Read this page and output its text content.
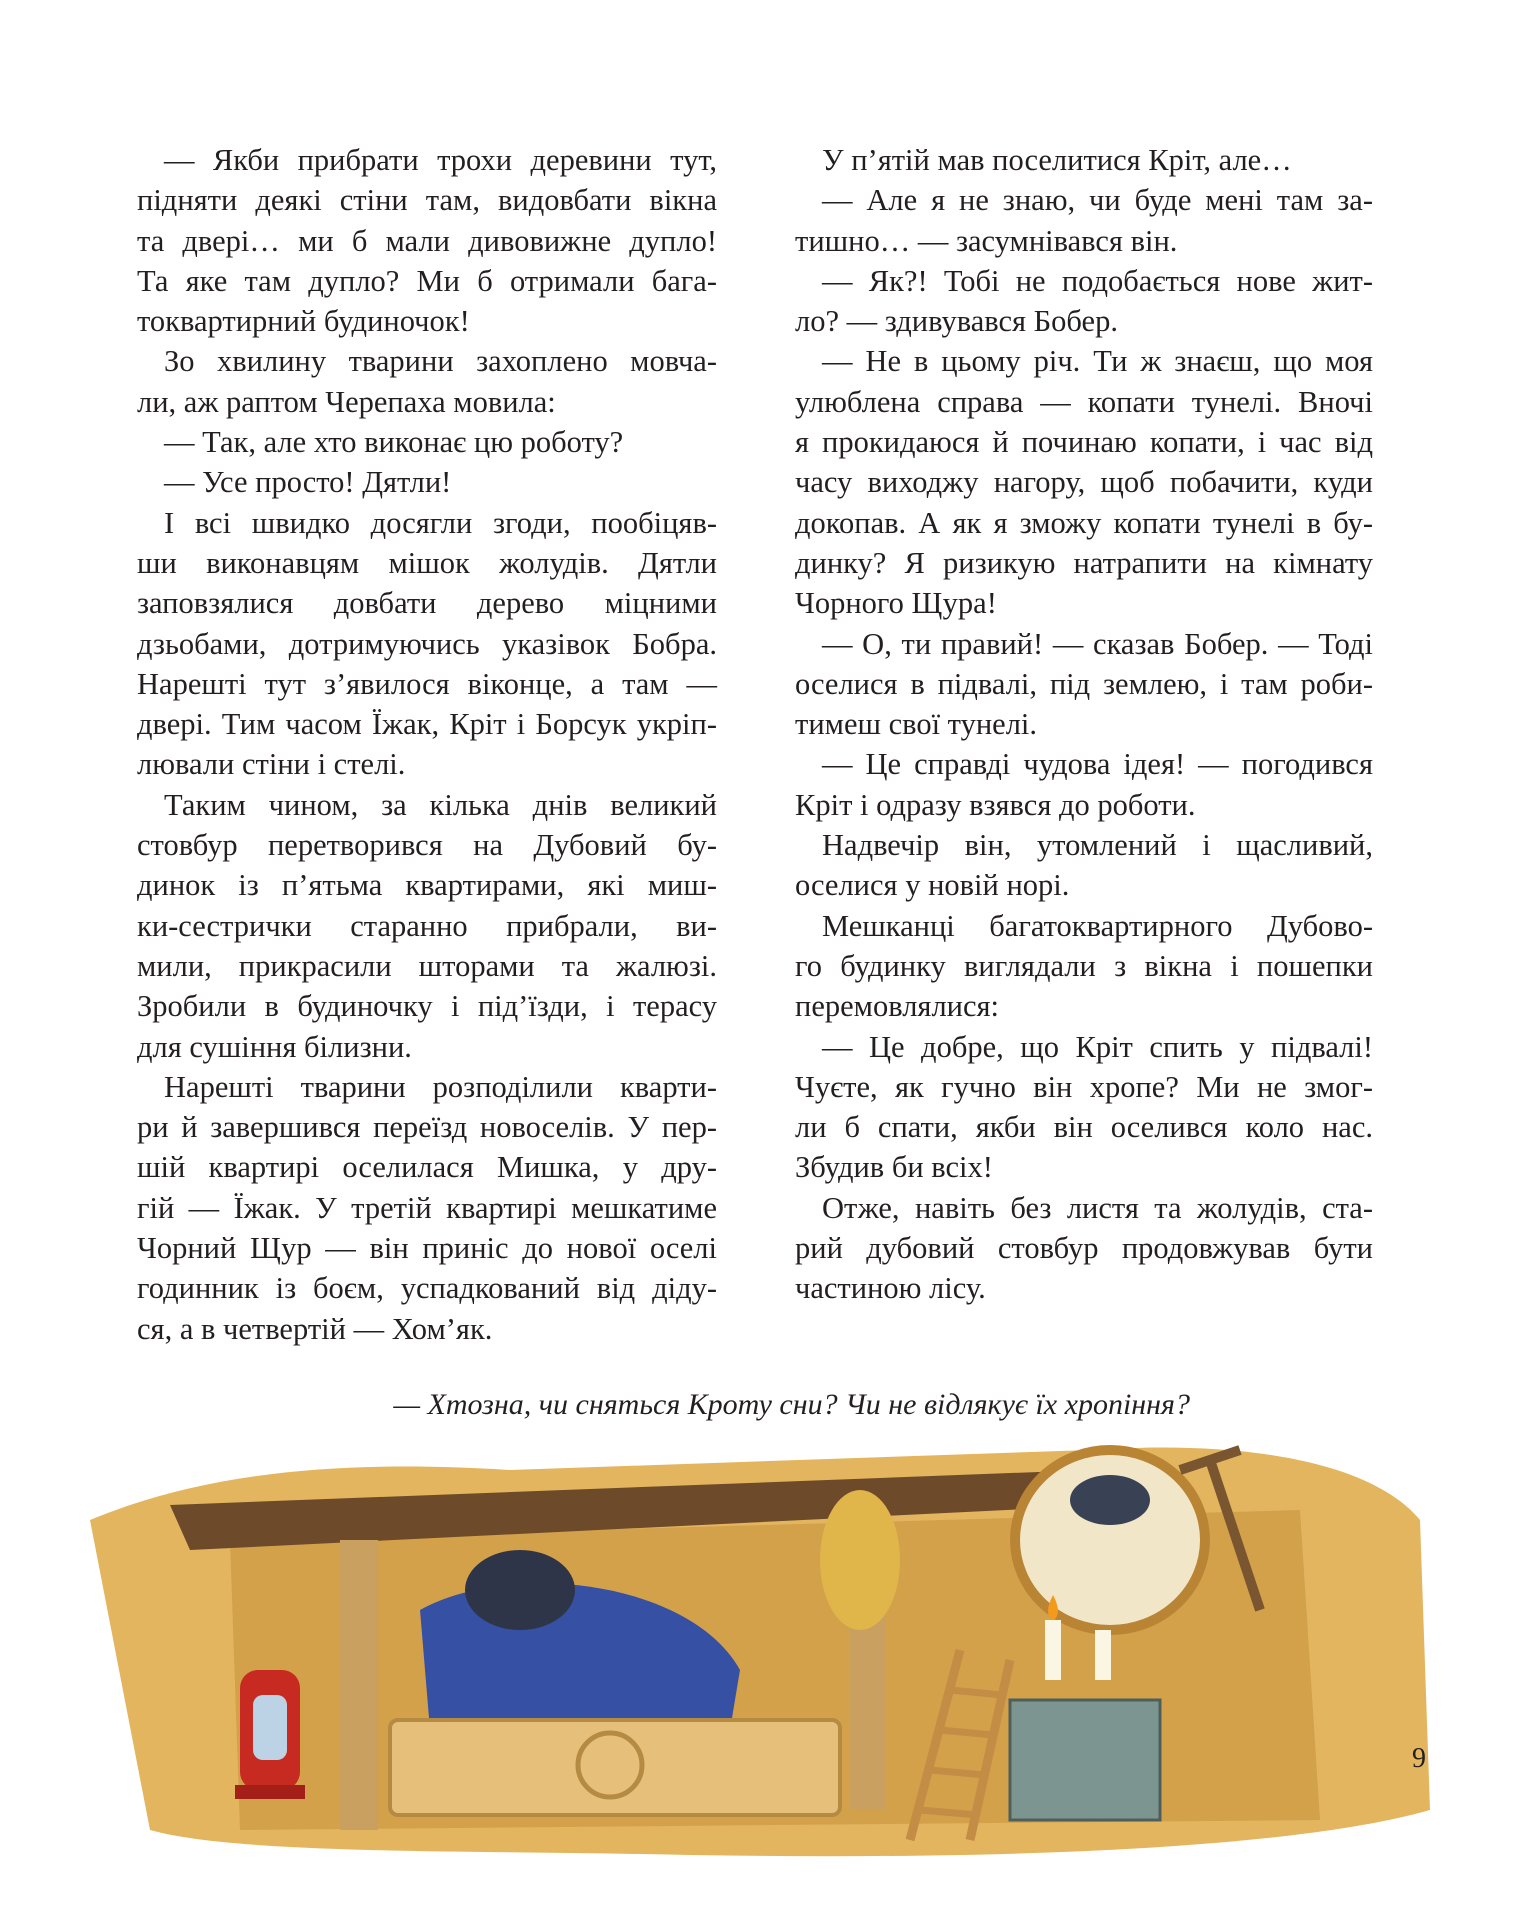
— Якби прибрати трохи деревини тут,
підняти деякі стіни там, видовбати вікна
та двері… ми б мали дивовижне дупло!
Та яке там дупло? Ми б отримали бага-
токвартирний будиночок!
Зо хвилину тварини захоплено мовча-
ли, аж раптом Черепаха мовила:
— Так, але хто виконає цю роботу?
— Усе просто! Дятли!
І всі швидко досягли згоди, пообіцяв-
ши виконавцям мішок жолудів. Дятли
заповзялися довбати дерево міцними
дзьобами, дотримуючись указівок Бобра.
Нарешті тут з’явилося віконце, а там —
двері. Тим часом Їжак, Кріт і Борсук укріп-
лювали стіни і стелі.
Таким чином, за кілька днів великий
стовбур перетворився на Дубовий бу-
динок із п’ятьма квартирами, які миш-
ки-сестрички старанно прибрали, ви-
мили, прикрасили шторами та жалюзі.
Зробили в будиночку і під’їзди, і терасу
для сушіння білизни.
Нарешті тварини розподілили кварти-
ри й завершився переїзд новоселів. У пер-
шій квартирі оселилася Мишка, у дру-
гій — Їжак. У третій квартирі мешкатиме
Чорний Щур — він приніс до нової оселі
годинник із боєм, успадкований від діду-
ся, а в четвертій — Хом’як.
У п’ятій мав поселитися Кріт, але…
— Але я не знаю, чи буде мені там за-
тишно… — засумнівався він.
— Як?! Тобі не подобається нове жит-
ло? — здивувався Бобер.
— Не в цьому річ. Ти ж знаєш, що моя
улюблена справа — копати тунелі. Вночі
я прокидаюся й починаю копати, і час від
часу виходжу нагору, щоб побачити, куди
докопав. А як я зможу копати тунелі в бу-
динку? Я ризикую натрапити на кімнату
Чорного Щура!
— О, ти правий! — сказав Бобер. — Тоді
оселися в підвалі, під землею, і там роби-
тимеш свої тунелі.
— Це справді чудова ідея! — погодився
Кріт і одразу взявся до роботи.
Надвечір він, утомлений і щасливий,
оселися у новій норі.
Мешканці багатоквартирного Дубово-
го будинку виглядали з вікна і пошепки
перемовлялися:
— Це добре, що Кріт спить у підвалі!
Чуєте, як гучно він хропе? Ми не змог-
ли б спати, якби він оселився коло нас.
Збудив би всіх!
Отже, навіть без листя та жолудів, ста-
рий дубовий стовбур продовжував бути
частиною лісу.
— Хтозна, чи сняться Кроту сни? Чи не відлякує їх хропіння?
9
